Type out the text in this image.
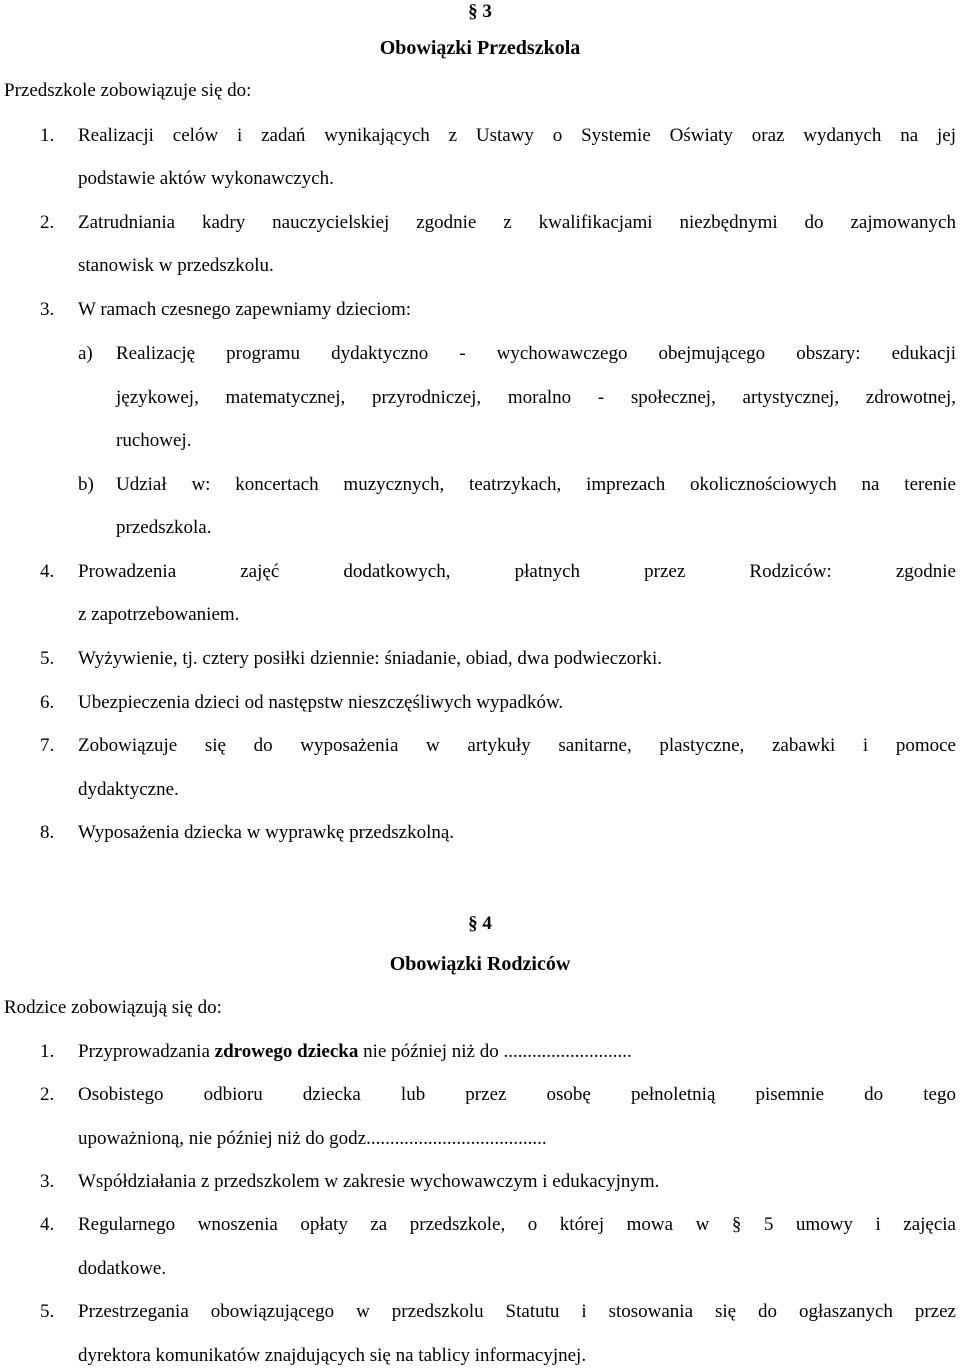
§ 3
Obowiązki Przedszkola
Przedszkole zobowiązuje się do:
1. Realizacji celów i zadań wynikających z Ustawy o Systemie Oświaty oraz wydanych na jej
podstawie aktów wykonawczych.
2. Zatrudniania kadry nauczycielskiej zgodnie z kwalifikacjami niezbędnymi do zajmowanych
stanowisk w przedszkolu.
3. W ramach czesnego zapewniamy dzieciom:
a) Realizację programu dydaktyczno - wychowawczego obejmującego obszary: edukacji
językowej, matematycznej, przyrodniczej, moralno - społecznej, artystycznej, zdrowotnej,
ruchowej.
b) Udział w: koncertach muzycznych, teatrzykach, imprezach okolicznościowych na terenie
przedszkola.
4. Prowadzenia zajęć dodatkowych, płatnych przez Rodziców: zgodnie
z zapotrzebowaniem.
5. Wyżywienie, tj. cztery posiłki dziennie: śniadanie, obiad, dwa podwieczorki.
6. Ubezpieczenia dzieci od następstw nieszczęśliwych wypadków.
7. Zobowiązuje się do wyposażenia w artykuły sanitarne, plastyczne, zabawki i pomoce
dydaktyczne.
8. Wyposażenia dziecka w wyprawkę przedszkolną.
§ 4
Obowiązki Rodziców
Rodzice zobowiązują się do:
1. Przyprowadzania zdrowego dziecka nie później niż do ...........................
2. Osobistego odbioru dziecka lub przez osobę pełnoletnią pisemnie do tego
upoważnioną, nie później niż do godz......................................
3. Współdziałania z przedszkolem w zakresie wychowawczym i edukacyjnym.
4. Regularnego wnoszenia opłaty za przedszkole, o której mowa w § 5 umowy i zajęcia
dodatkowe.
5. Przestrzegania obowiązującego w przedszkolu Statutu i stosowania się do ogłaszanych przez
dyrektora komunikatów znajdujących się na tablicy informacyjnej.
